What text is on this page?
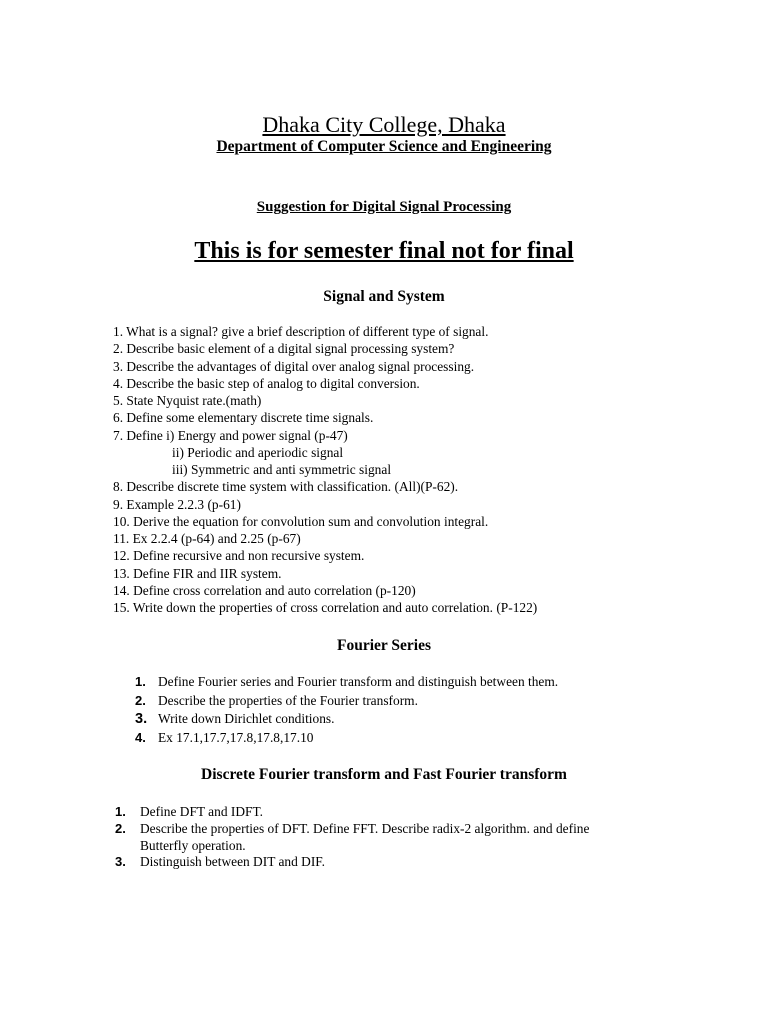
Dhaka City College, Dhaka
Department of Computer Science and Engineering
Suggestion for Digital Signal Processing
This is for semester final not for final
Signal and System
1. What is a signal? give a brief description of different type of signal.
2. Describe basic element of a digital signal processing system?
3. Describe the advantages of digital over analog signal processing.
4. Describe the basic step of analog to digital conversion.
5. State Nyquist rate.(math)
6. Define some elementary discrete time signals.
7. Define i) Energy and power signal (p-47)
ii) Periodic and aperiodic signal
iii) Symmetric and anti symmetric signal
8. Describe discrete time system with classification. (All)(P-62).
9. Example 2.2.3 (p-61)
10. Derive the equation for convolution sum and convolution integral.
11. Ex 2.2.4 (p-64) and 2.25 (p-67)
12. Define recursive and non recursive system.
13. Define FIR and IIR system.
14. Define cross correlation and auto correlation (p-120)
15. Write down the properties of cross correlation and auto correlation. (P-122)
Fourier Series
1. Define Fourier series and Fourier transform and distinguish between them.
2. Describe the properties of the Fourier transform.
3. Write down Dirichlet conditions.
4. Ex 17.1,17.7,17.8,17.8,17.10
Discrete Fourier transform and Fast Fourier transform
1.	Define DFT and IDFT.
2.	Describe the properties of DFT. Define FFT. Describe radix-2 algorithm. and define
Butterfly operation.
3.	Distinguish between DIT and DIF.
